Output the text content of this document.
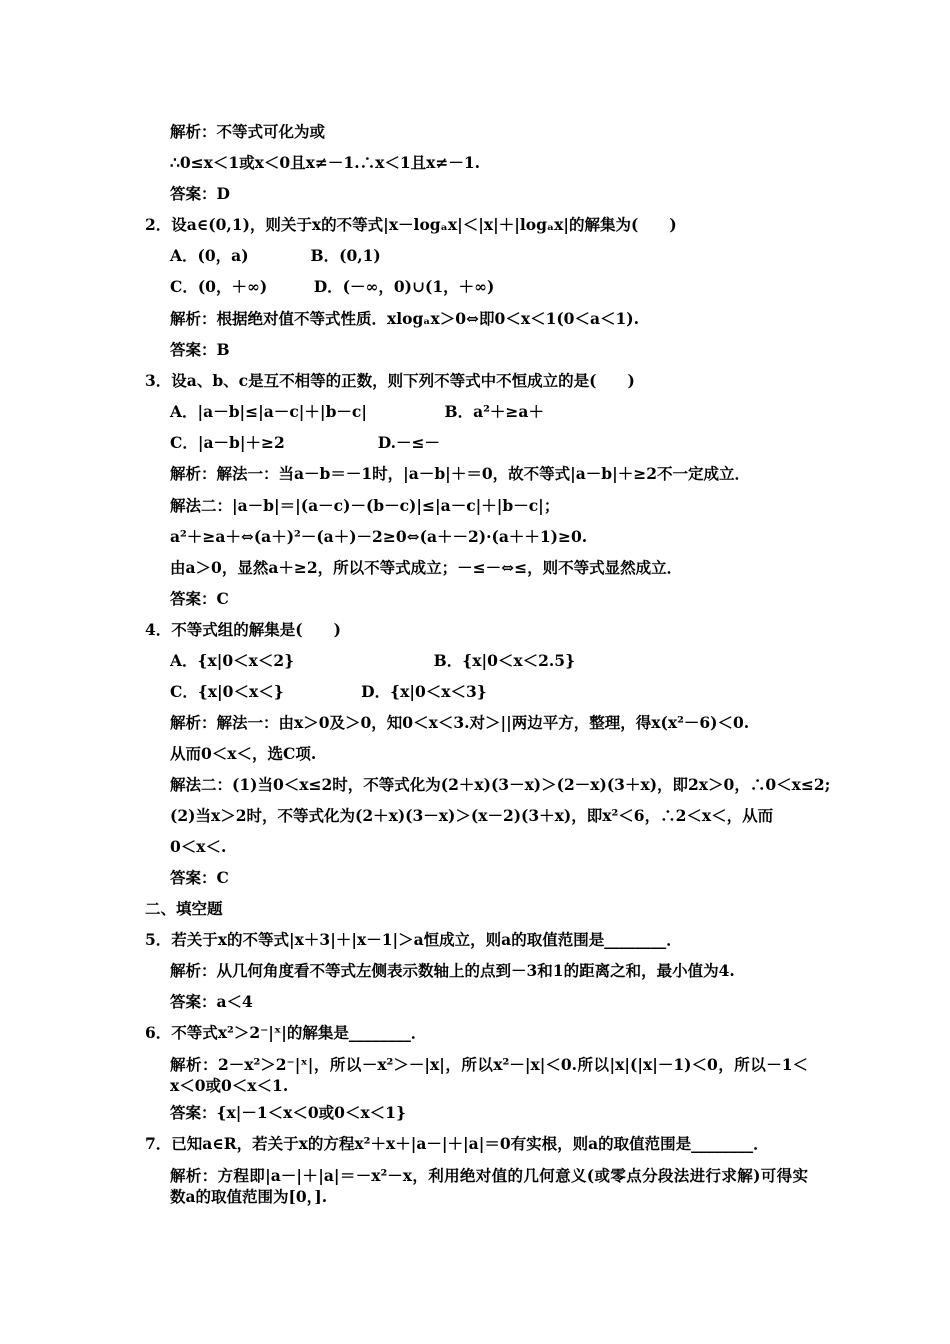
解析：不等式可化为或
∴0≤x＜1或x＜0且x≠－1.∴x＜1且x≠－1.
答案：D
2．设a∈(0,1)，则关于x的不等式|x－logₐx|＜|x|＋|logₐx|的解集为(　　)
A．(0，a)　　　　B．(0,1)
C．(0，＋∞)　　　D．(－∞，0)∪(1，＋∞)
解析：根据绝对值不等式性质．xlogₐx＞0⇔即0＜x＜1(0＜a＜1).
答案：B
3．设a、b、c是互不相等的正数，则下列不等式中不恒成立的是(　　)
A．|a－b|≤|a－c|＋|b－c|　　　　　B．a²＋≥a＋
C．|a－b|＋≥2　　　　　　D.－≤－
解析：解法一：当a－b＝－1时，|a－b|＋＝0，故不等式|a－b|＋≥2不一定成立．
解法二：|a－b|＝|(a－c)－(b－c)|≤|a－c|＋|b－c|；
a²＋≥a＋⇔(a＋)²－(a＋)－2≥0⇔(a＋－2)·(a＋＋1)≥0.
由a＞0，显然a＋≥2，所以不等式成立；－≤－⇔≤，则不等式显然成立．
答案：C
4．不等式组的解集是(　　)
A．{x|0＜x＜2}　　　　　　　　　B．{x|0＜x＜2.5}
C．{x|0＜x＜}　　　　　D．{x|0＜x＜3}
解析：解法一：由x＞0及＞0，知0＜x＜3.对＞||两边平方，整理，得x(x²－6)＜0.
从而0＜x＜，选C项.
解法二：(1)当0＜x≤2时，不等式化为(2＋x)(3－x)＞(2－x)(3＋x)，即2x＞0，∴0＜x≤2;
(2)当x＞2时，不等式化为(2＋x)(3－x)＞(x－2)(3＋x)，即x²＜6，∴2＜x＜，从而
0＜x＜.
答案：C
二、填空题
5．若关于x的不等式|x＋3|＋|x－1|＞a恒成立，则a的取值范围是________．
解析：从几何角度看不等式左侧表示数轴上的点到－3和1的距离之和，最小值为4.
答案：a＜4
6．不等式x²＞2⁻|ˣ|的解集是________．
解析：2－x²＞2⁻|ˣ|，所以－x²＞－|x|，所以x²－|x|＜0.所以|x|(|x|－1)＜0，所以－1＜x＜0或0＜x＜1.
答案：{x|－1＜x＜0或0＜x＜1}
7．已知a∈R，若关于x的方程x²＋x＋|a－|＋|a|＝0有实根，则a的取值范围是________．
解析：方程即|a－|＋|a|＝－x²－x，利用绝对值的几何意义(或零点分段法进行求解)可得实数a的取值范围为[0，].
